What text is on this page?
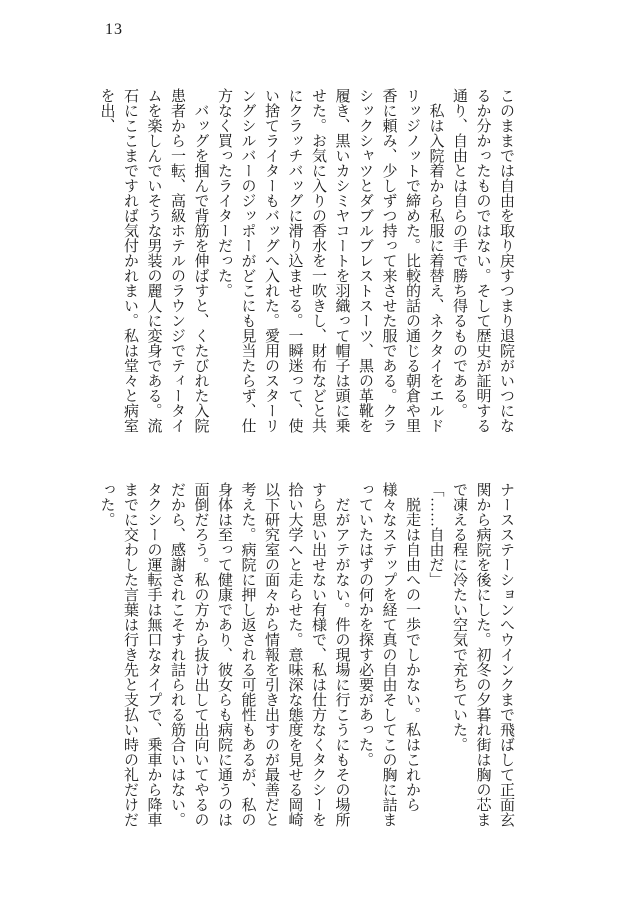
13

このままでは自由を取り戻すつまり退院がいつになるか分かったものではない。そして歴史が証明する通り、自由とは自らの手で勝ち得るものである。

私は入院着から私服に着替え、ネクタイをエルドリッジノットで締めた。比較的話の通じる朝倉や里香に頼み、少しずつ持って来させた服である。クラシックシャツとダブルブレストスーツ、黒の革靴を履き、黒いカシミヤコートを羽織って帽子は頭に乗せた。お気に入りの香水を一吹きし、財布などと共にクラッチバッグに滑り込ませる。一瞬迷って、使い捨てライターもバッグへ入れた。愛用のスターリングシルバーのジッポーがどこにも見当たらず、仕方なく買ったライターだった。

バッグを掴んで背筋を伸ばすと、くたびれた入院患者から一転、高級ホテルのラウンジでティータイムを楽しんでいそうな男装の麗人に変身である。流石にここまですれば気付かれまい。私は堂々と病室を出、

ナースステーションへウインクまで飛ばして正面玄関から病院を後にした。初冬の夕暮れ街は胸の芯まで凍える程に冷たい空気で充ちていた。

「……自由だ」

脱走は自由への一歩でしかない。私はこれから様々なステップを経て真の自由そしてこの胸に詰まっていたはずの何かを探す必要があった。

だがアテがない。件の現場に行こうにもその場所すら思い出せない有様で、私は仕方なくタクシーを拾い大学へと走らせた。意味深な態度を見せる岡崎以下研究室の面々から情報を引き出すのが最善だと考えた。病院に押し返される可能性もあるが、私の身体は至って健康であり、彼女らも病院に通うのは面倒だろう。私の方から抜け出して出向いてやるのだから、感謝されこそすれ詰られる筋合いはない。タクシーの運転手は無口なタイプで、乗車から降車までに交わした言葉は行き先と支払い時の礼だけだった。
